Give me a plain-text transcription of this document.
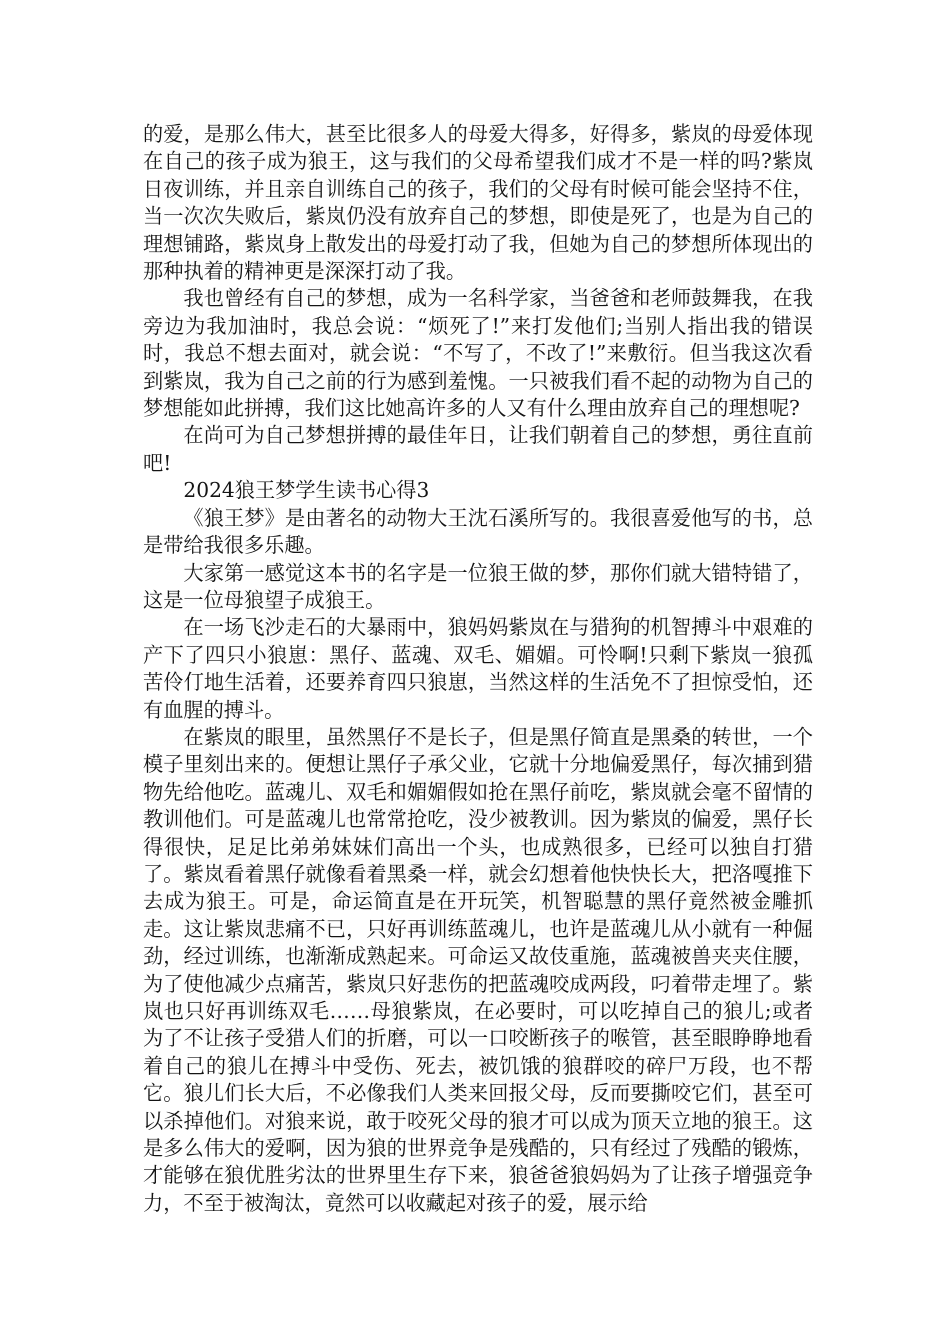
的爱，是那么伟大，甚至比很多人的母爱大得多，好得多，紫岚的母爱体现在自己的孩子成为狼王，这与我们的父母希望我们成才不是一样的吗?紫岚日夜训练，并且亲自训练自己的孩子，我们的父母有时候可能会坚持不住，当一次次失败后，紫岚仍没有放弃自己的梦想，即使是死了，也是为自己的理想铺路，紫岚身上散发出的母爱打动了我，但她为自己的梦想所体现出的那种执着的精神更是深深打动了我。

我也曾经有自己的梦想，成为一名科学家，当爸爸和老师鼓舞我，在我旁边为我加油时，我总会说：“烦死了!”来打发他们;当别人指出我的错误时，我总不想去面对，就会说：“不写了，不改了!”来敷衍。但当我这次看到紫岚，我为自己之前的行为感到羞愧。一只被我们看不起的动物为自己的梦想能如此拼搏，我们这比她高许多的人又有什么理由放弃自己的理想呢?

在尚可为自己梦想拼搏的最佳年日，让我们朝着自己的梦想，勇往直前吧!

2024狼王梦学生读书心得3

《狼王梦》是由著名的动物大王沈石溪所写的。我很喜爱他写的书，总是带给我很多乐趣。

大家第一感觉这本书的名字是一位狼王做的梦，那你们就大错特错了，这是一位母狼望子成狼王。

在一场飞沙走石的大暴雨中，狼妈妈紫岚在与猎狗的机智搏斗中艰难的产下了四只小狼崽：黑仔、蓝魂、双毛、媚媚。可怜啊!只剩下紫岚一狼孤苦伶仃地生活着，还要养育四只狼崽，当然这样的生活免不了担惊受怕，还有血腥的搏斗。

在紫岚的眼里，虽然黑仔不是长子，但是黑仔简直是黑桑的转世，一个模子里刻出来的。便想让黑仔子承父业，它就十分地偏爱黑仔，每次捕到猎物先给他吃。蓝魂儿、双毛和媚媚假如抢在黑仔前吃，紫岚就会毫不留情的教训他们。可是蓝魂儿也常常抢吃，没少被教训。因为紫岚的偏爱，黑仔长得很快，足足比弟弟妹妹们高出一个头，也成熟很多，已经可以独自打猎了。紫岚看着黑仔就像看着黑桑一样，就会幻想着他快快长大，把洛嘎推下去成为狼王。可是，命运简直是在开玩笑，机智聪慧的黑仔竟然被金雕抓走。这让紫岚悲痛不已，只好再训练蓝魂儿，也许是蓝魂儿从小就有一种倔劲，经过训练，也渐渐成熟起来。可命运又故伎重施，蓝魂被兽夹夹住腰，为了使他减少点痛苦，紫岚只好悲伤的把蓝魂咬成两段，叼着带走埋了。紫岚也只好再训练双毛……母狼紫岚，在必要时，可以吃掉自己的狼儿;或者为了不让孩子受猎人们的折磨，可以一口咬断孩子的喉管，甚至眼睁睁地看着自己的狼儿在搏斗中受伤、死去，被饥饿的狼群咬的碎尸万段，也不帮它。狼儿们长大后，不必像我们人类来回报父母，反而要撕咬它们，甚至可以杀掉他们。对狼来说，敢于咬死父母的狼才可以成为顶天立地的狼王。这是多么伟大的爱啊，因为狼的世界竞争是残酷的，只有经过了残酷的锻炼，才能够在狼优胜劣汰的世界里生存下来，狼爸爸狼妈妈为了让孩子增强竞争力，不至于被淘汰，竟然可以收藏起对孩子的爱，展示给
